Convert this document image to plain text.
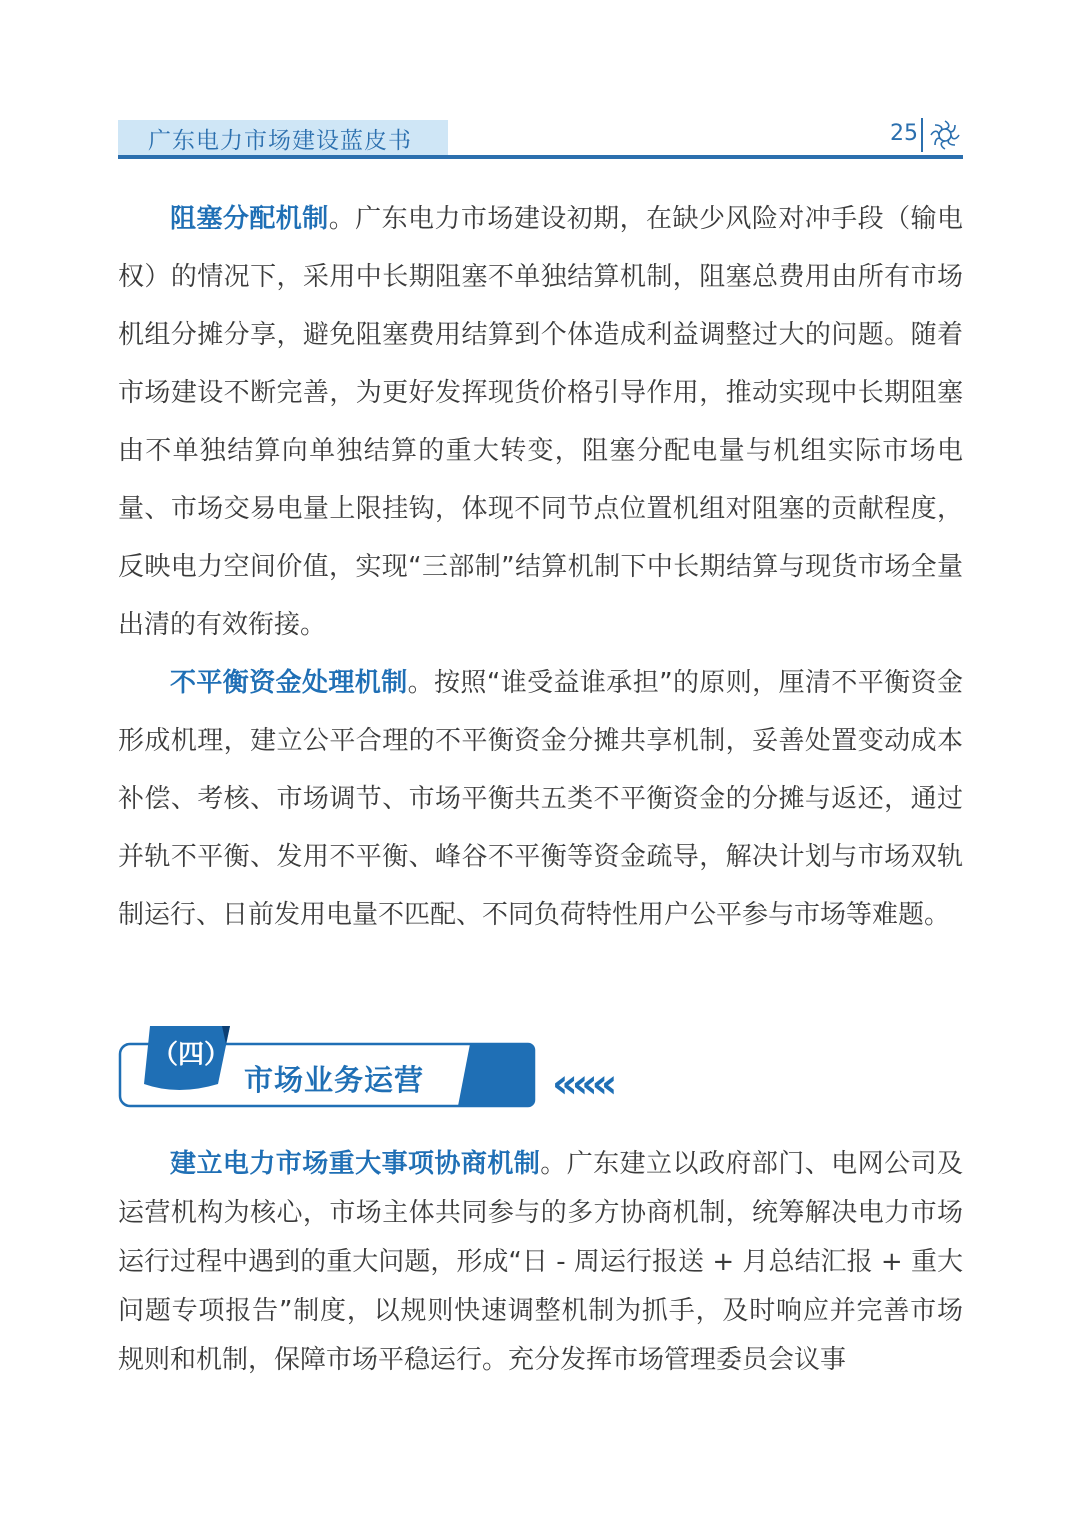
广东电力市场建设蓝皮书	25

阻塞分配机制。广东电力市场建设初期，在缺少风险对冲手段（输电权）的情况下，采用中长期阻塞不单独结算机制，阻塞总费用由所有市场机组分摊分享，避免阻塞费用结算到个体造成利益调整过大的问题。随着市场建设不断完善，为更好发挥现货价格引导作用，推动实现中长期阻塞由不单独结算向单独结算的重大转变，阻塞分配电量与机组实际市场电量、市场交易电量上限挂钩，体现不同节点位置机组对阻塞的贡献程度，反映电力空间价值，实现“三部制”结算机制下中长期结算与现货市场全量出清的有效衔接。

不平衡资金处理机制。按照“谁受益谁承担”的原则，厘清不平衡资金形成机理，建立公平合理的不平衡资金分摊共享机制，妥善处置变动成本补偿、考核、市场调节、市场平衡共五类不平衡资金的分摊与返还，通过并轨不平衡、发用不平衡、峰谷不平衡等资金疏导，解决计划与市场双轨制运行、日前发用电量不匹配、不同负荷特性用户公平参与市场等难题。

（四）
市场业务运营	«««

建立电力市场重大事项协商机制。广东建立以政府部门、电网公司及运营机构为核心，市场主体共同参与的多方协商机制，统筹解决电力市场运行过程中遇到的重大问题，形成“日 - 周运行报送 + 月总结汇报 + 重大问题专项报告”制度，以规则快速调整机制为抓手，及时响应并完善市场规则和机制，保障市场平稳运行。充分发挥市场管理委员会议事
